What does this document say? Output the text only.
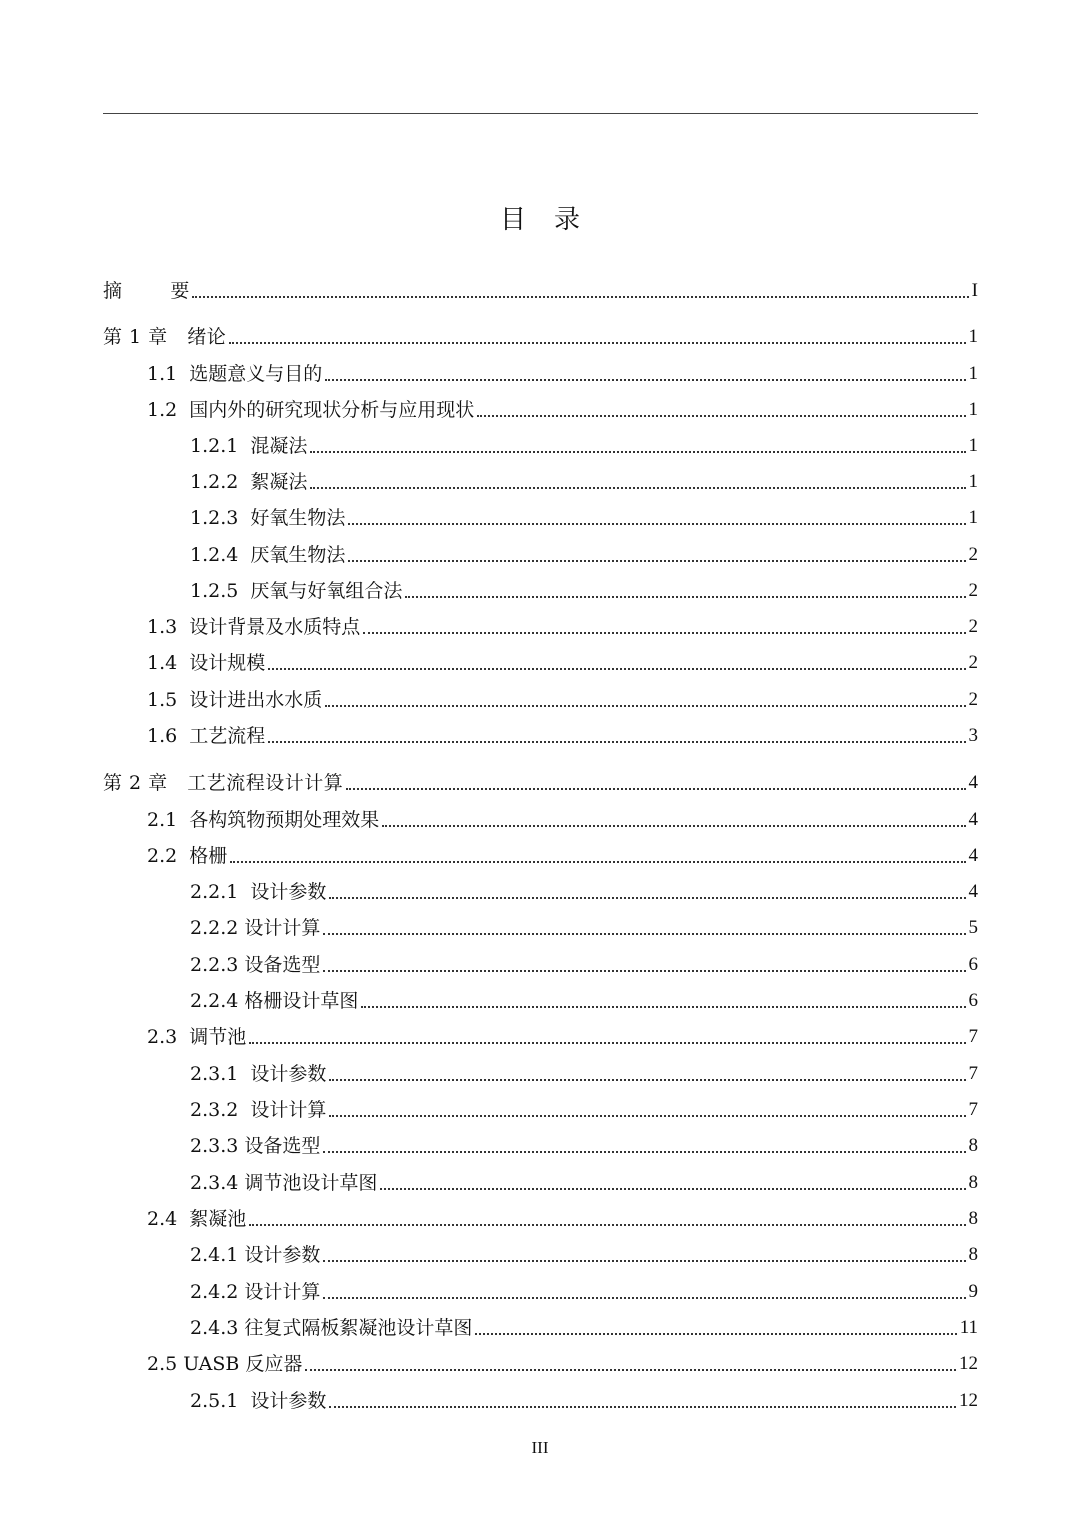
目录
摘        要	I
第 1 章   绪论	1
1.1  选题意义与目的	1
1.2  国内外的研究现状分析与应用现状	1
1.2.1  混凝法	1
1.2.2  絮凝法	1
1.2.3  好氧生物法	1
1.2.4  厌氧生物法	2
1.2.5  厌氧与好氧组合法	2
1.3  设计背景及水质特点	2
1.4  设计规模	2
1.5  设计进出水水质	2
1.6  工艺流程	3
第 2 章   工艺流程设计计算	4
2.1  各构筑物预期处理效果	4
2.2  格栅	4
2.2.1  设计参数	4
2.2.2 设计计算	5
2.2.3 设备选型	6
2.2.4 格栅设计草图	6
2.3  调节池	7
2.3.1  设计参数	7
2.3.2  设计计算	7
2.3.3 设备选型	8
2.3.4 调节池设计草图	8
2.4  絮凝池	8
2.4.1 设计参数	8
2.4.2 设计计算	9
2.4.3 往复式隔板絮凝池设计草图	11
2.5 UASB 反应器	12
2.5.1  设计参数	12
III
